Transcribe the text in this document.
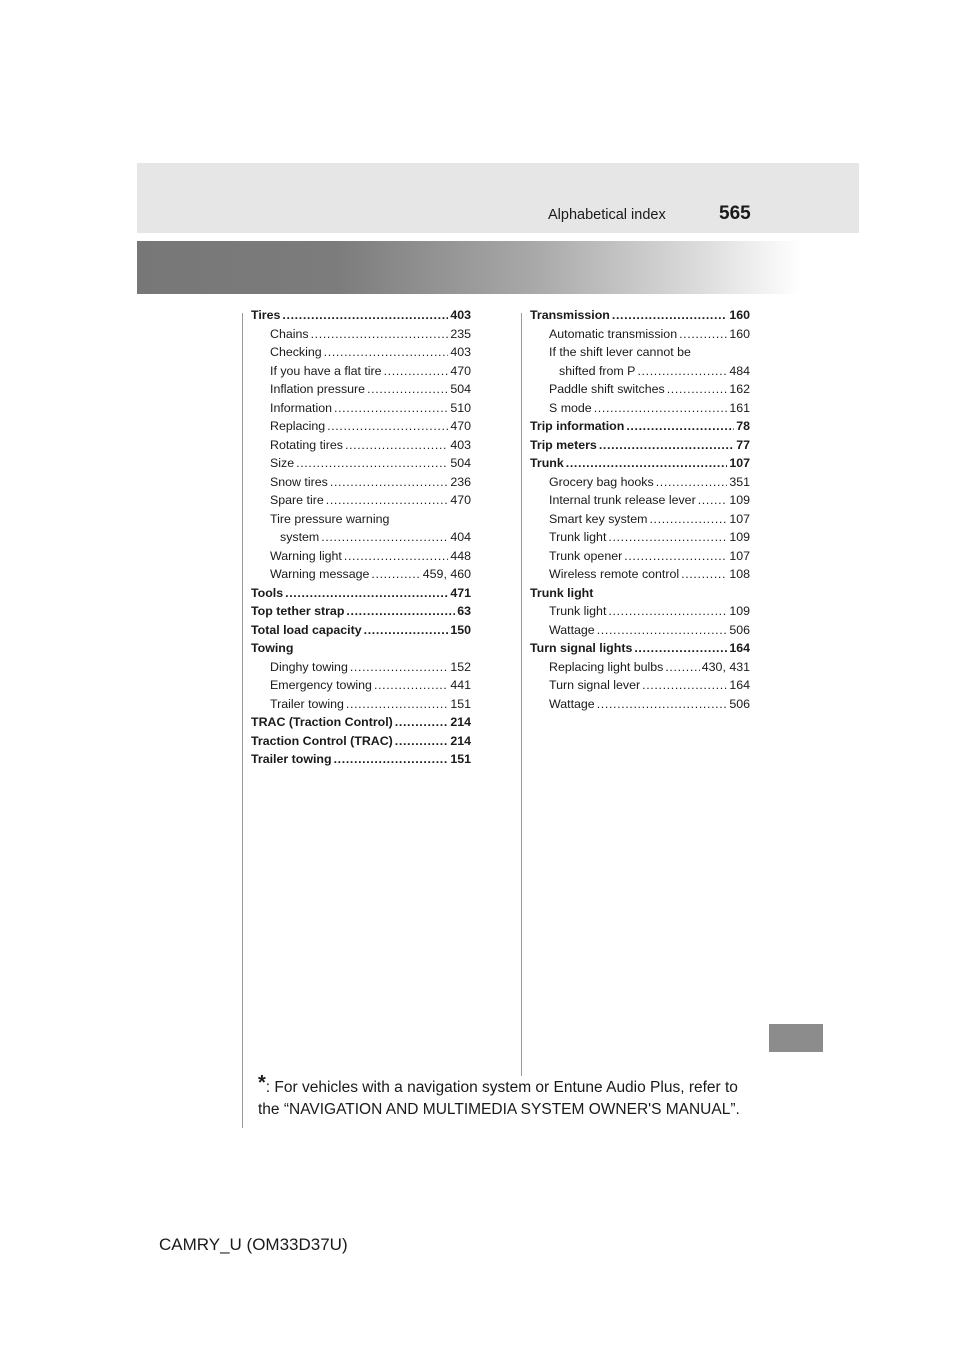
Alphabetical index	565
Tires . . .	403
Chains . . .	235
Checking . . .	403
If you have a flat tire . . .	470
Inflation pressure . . .	504
Information . . .	510
Replacing . . .	470
Rotating tires . . .	403
Size . . .	504
Snow tires . . .	236
Spare tire . . .	470
Tire pressure warning
system . . .	404
Warning light . . .	448
Warning message . . .	459, 460
Tools . . .	471
Top tether strap . . .	63
Total load capacity . . .	150
Towing
Dinghy towing . . .	152
Emergency towing . . .	441
Trailer towing . . .	151
TRAC (Traction Control) . . .	214
Traction Control (TRAC) . . .	214
Trailer towing . . .	151
Transmission . . .	160
Automatic transmission . . .	160
If the shift lever cannot be
shifted from P . . .	484
Paddle shift switches . . .	162
S mode . . .	161
Trip information . . .	78
Trip meters . . .	77
Trunk . . .	107
Grocery bag hooks . . .	351
Internal trunk release lever . . .	109
Smart key system . . .	107
Trunk light . . .	109
Trunk opener . . .	107
Wireless remote control . . .	108
Trunk light
Trunk light . . .	109
Wattage . . .	506
Turn signal lights . . .	164
Replacing light bulbs . . .	430, 431
Turn signal lever . . .	164
Wattage . . .	506
*: For vehicles with a navigation system or Entune Audio Plus, refer to
the “NAVIGATION AND MULTIMEDIA SYSTEM OWNER'S MANUAL”.
CAMRY_U (OM33D37U)
